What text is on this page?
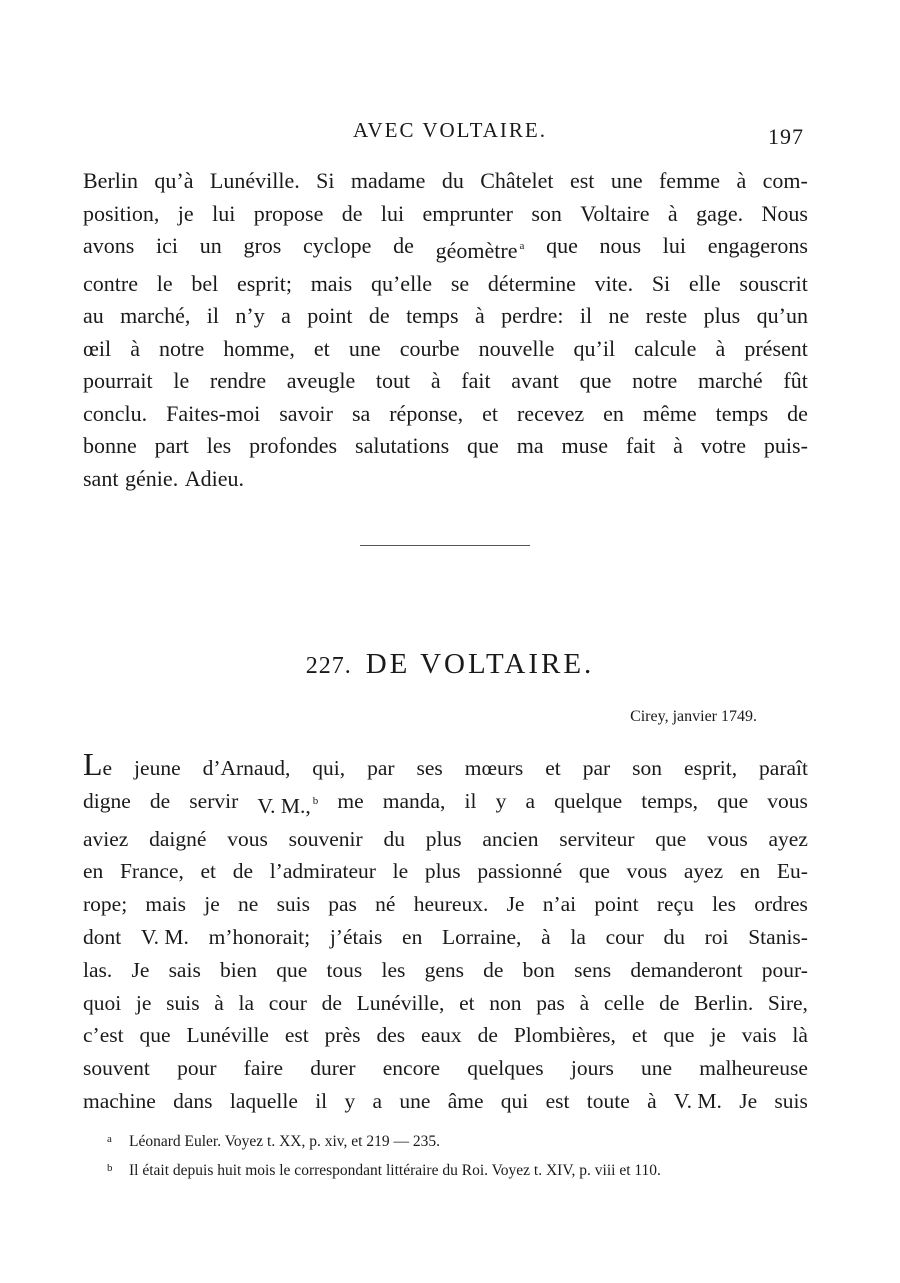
AVEC VOLTAIRE.	197
Berlin qu’à Lunéville. Si madame du Châtelet est une femme à com-
position, je lui propose de lui emprunter son Voltaire à gage. Nous
avons ici un gros cyclope de géomètre $^a$ que nous lui engagerons
contre le bel esprit; mais qu’elle se détermine vite. Si elle souscrit
au marché, il n’y a point de temps à perdre: il ne reste plus qu’un
œil à notre homme, et une courbe nouvelle qu’il calcule à présent
pourrait le rendre aveugle tout à fait avant que notre marché fût
conclu. Faites-moi savoir sa réponse, et recevez en même temps de
bonne part les profondes salutations que ma muse fait à votre puis-
sant génie. Adieu.
227. DE VOLTAIRE.
Cirey, janvier 1749.
Le jeune d’Arnaud, qui, par ses mœurs et par son esprit, paraît
digne de servir V. M., $^b$ me manda, il y a quelque temps, que vous
aviez daigné vous souvenir du plus ancien serviteur que vous ayez
en France, et de l’admirateur le plus passionné que vous ayez en Eu-
rope; mais je ne suis pas né heureux. Je n’ai point reçu les ordres
dont V. M. m’honorait; j’étais en Lorraine, à la cour du roi Stanis-
las. Je sais bien que tous les gens de bon sens demanderont pour-
quoi je suis à la cour de Lunéville, et non pas à celle de Berlin. Sire,
c’est que Lunéville est près des eaux de Plombières, et que je vais là
souvent pour faire durer encore quelques jours une malheureuse
machine dans laquelle il y a une âme qui est toute à V. M. Je suis
a Léonard Euler. Voyez t. XX, p. xiv, et 219 — 235.
b Il était depuis huit mois le correspondant littéraire du Roi. Voyez t. XIV, p. viii et 110.
